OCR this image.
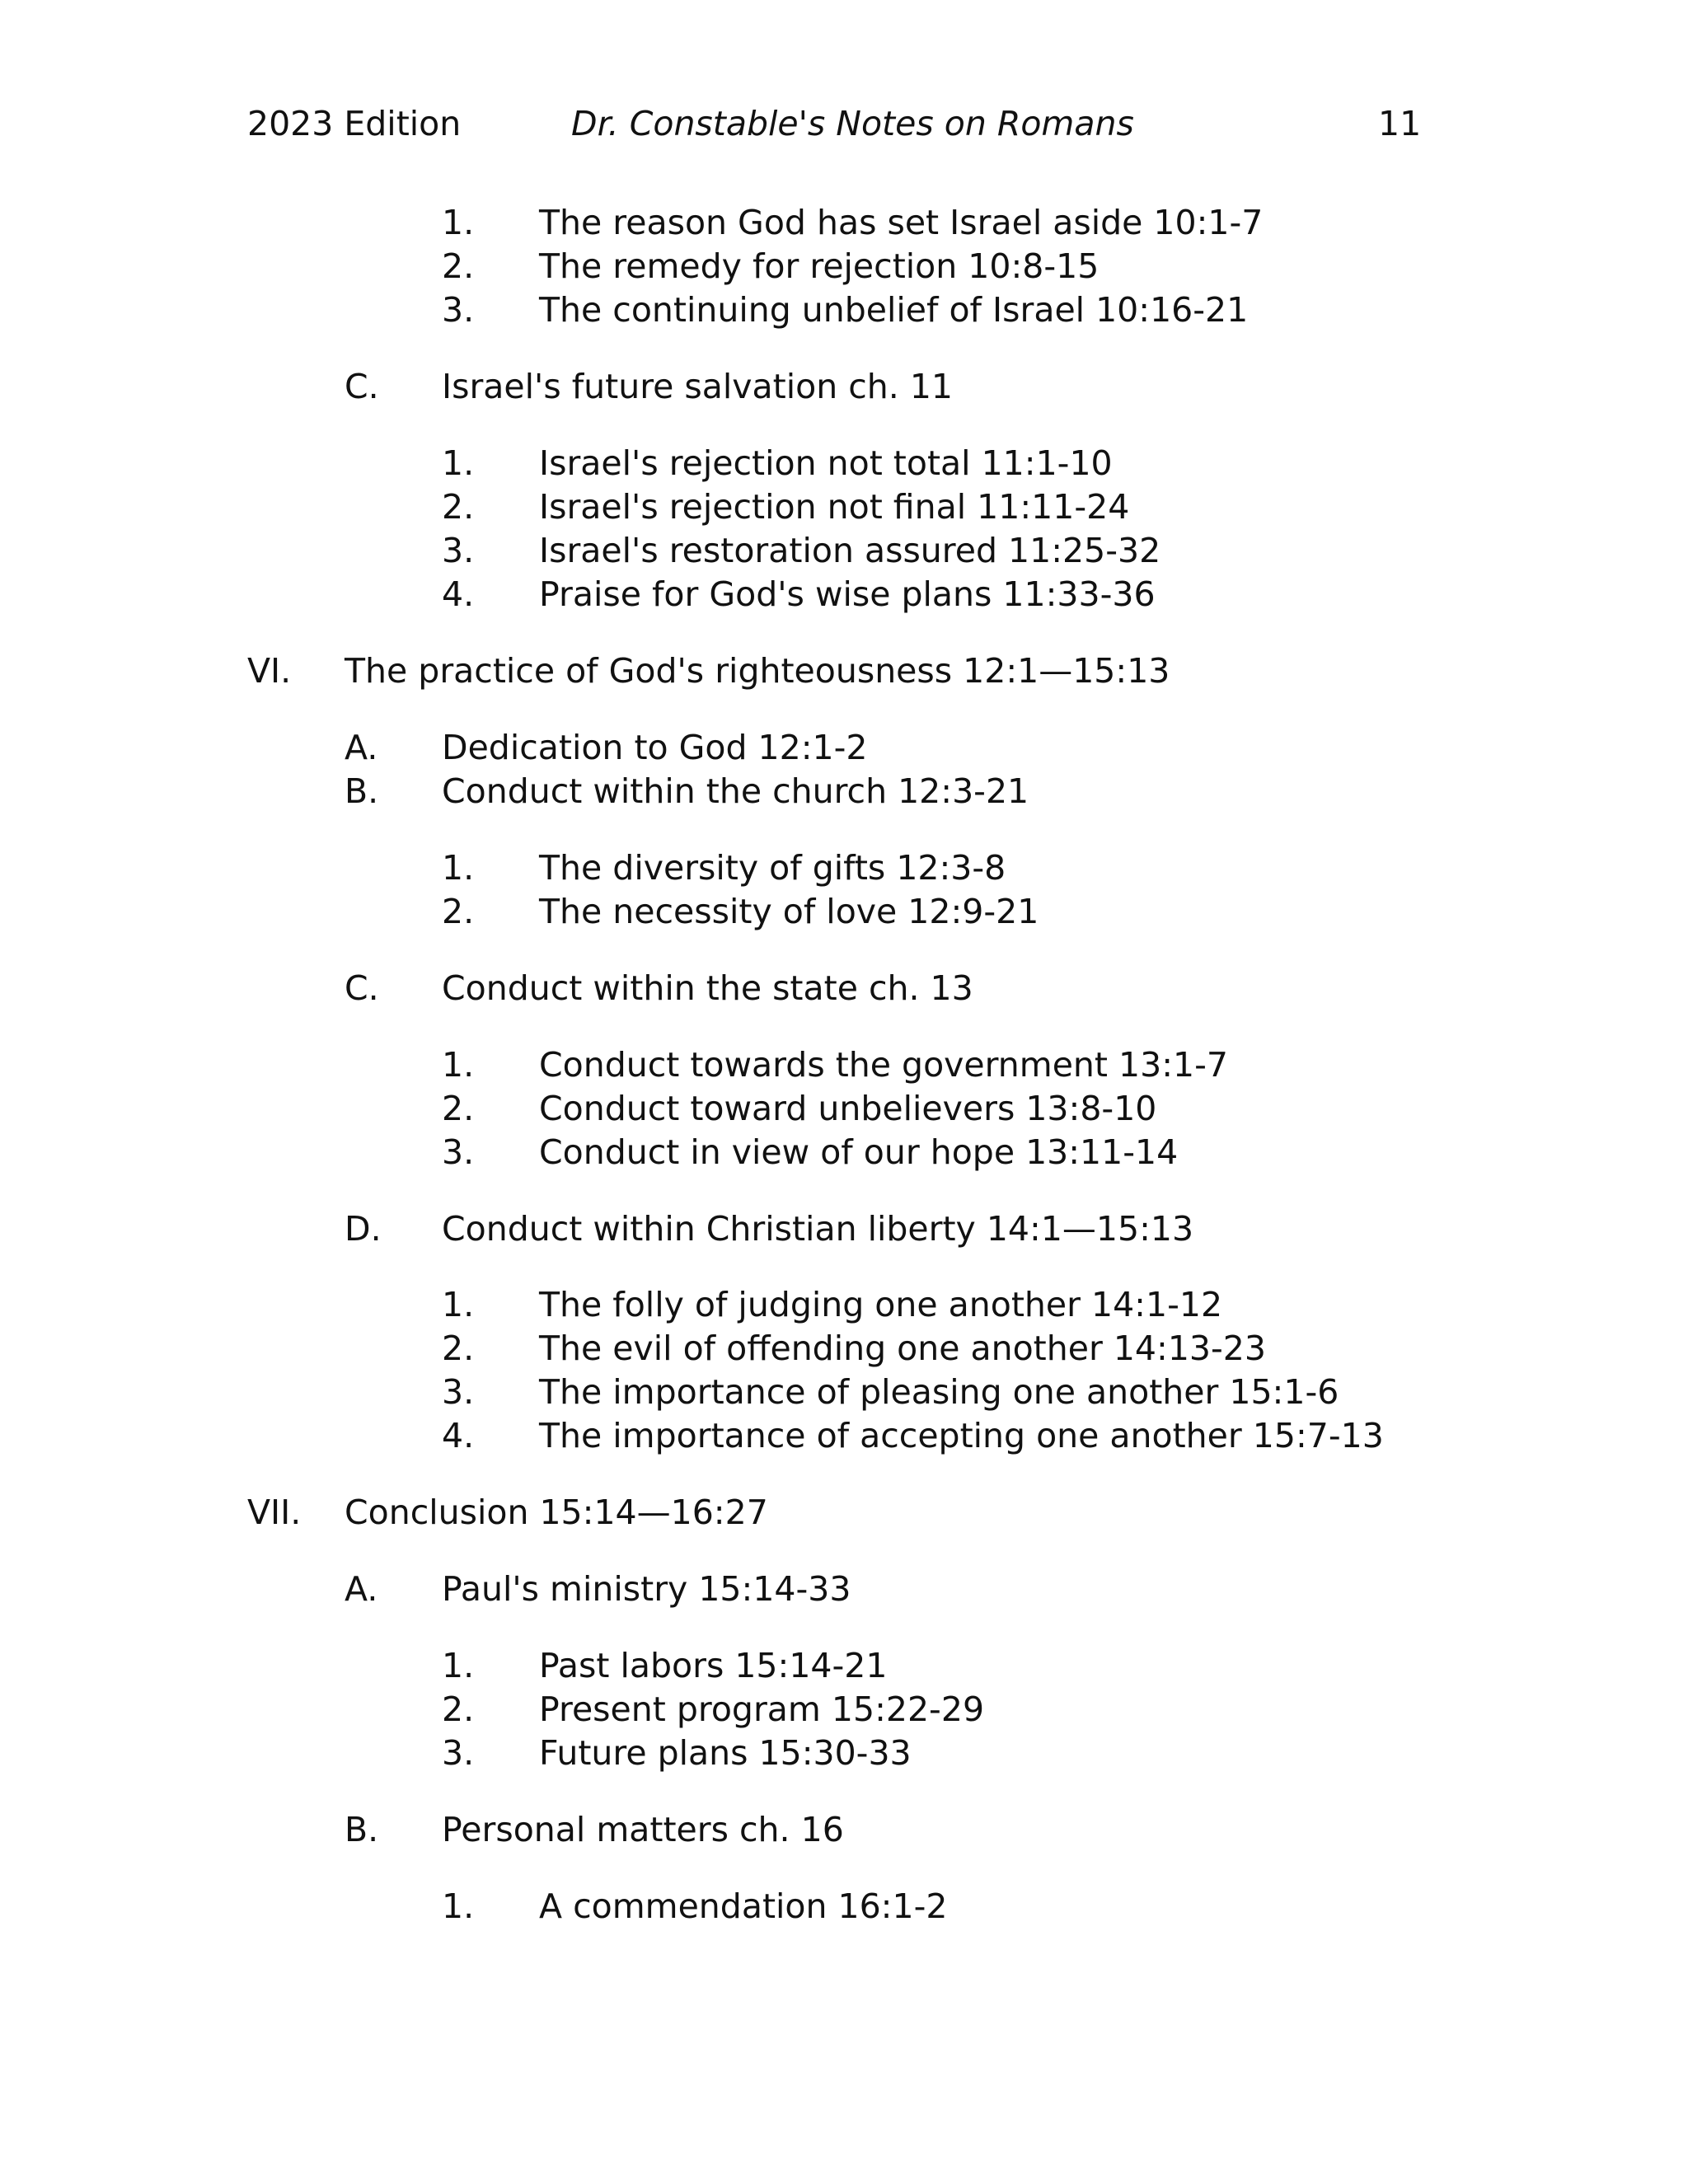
2023 Edition	Dr. Constable's Notes on Romans	11
1. The reason God has set Israel aside 10:1-7
2. The remedy for rejection 10:8-15
3. The continuing unbelief of Israel 10:16-21
C. Israel's future salvation ch. 11
1. Israel's rejection not total 11:1-10
2. Israel's rejection not final 11:11-24
3. Israel's restoration assured 11:25-32
4. Praise for God's wise plans 11:33-36
VI. The practice of God's righteousness 12:1—15:13
A. Dedication to God 12:1-2
B. Conduct within the church 12:3-21
1. The diversity of gifts 12:3-8
2. The necessity of love 12:9-21
C. Conduct within the state ch. 13
1. Conduct towards the government 13:1-7
2. Conduct toward unbelievers 13:8-10
3. Conduct in view of our hope 13:11-14
D. Conduct within Christian liberty 14:1—15:13
1. The folly of judging one another 14:1-12
2. The evil of offending one another 14:13-23
3. The importance of pleasing one another 15:1-6
4. The importance of accepting one another 15:7-13
VII. Conclusion 15:14—16:27
A. Paul's ministry 15:14-33
1. Past labors 15:14-21
2. Present program 15:22-29
3. Future plans 15:30-33
B. Personal matters ch. 16
1. A commendation 16:1-2
